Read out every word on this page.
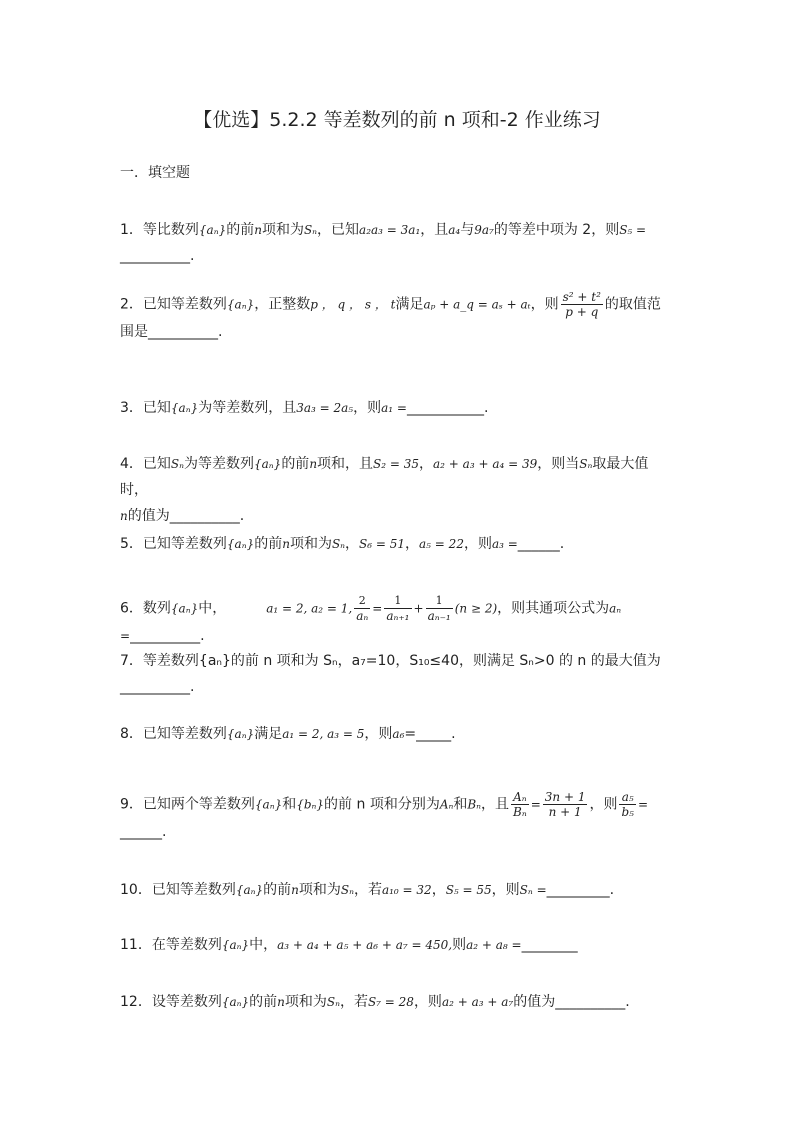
【优选】5.2.2 等差数列的前 n 项和-2 作业练习
一．填空题
1．等比数列{aₙ}的前n项和为Sₙ，已知a₂a₃ = 3a₁，且a₄与9a₇的等差中项为 2，则S₅ =
__________.
2．已知等差数列{aₙ}，正整数p ， q ， s ， t满足aₚ + a_q = aₛ + aₜ，则 $\frac{\text{s² + t²}}{p + q}$ 的取值范
围是__________.
3．已知{aₙ}为等差数列，且3a₃ = 2a₅，则a₁ =___________.
4．已知Sₙ为等差数列{aₙ}的前n项和，且S₂ = 35，a₂ + a₃ + a₄ = 39，则当Sₙ取最大值时，
n的值为__________.
5．已知等差数列{aₙ}的前n项和为Sₙ，S₆ = 51，a₅ = 22，则a₃ =______.
6．数列{aₙ}中，	a₁ = 2, a₂ = 1, $\frac{2}{\text{aₙ}} = \frac{1}{\text{aₙ₊₁}} + \frac{1}{\text{aₙ₋₁}} (n \ge 2)$，则其通项公式为aₙ =__________.
7．等差数列{aₙ}的前 n 项和为 Sₙ，a₇=10，S₁₀≤40，则满足 Sₙ>0 的 n 的最大值为
__________.
8．已知等差数列{aₙ}满足a₁ = 2, a₃ = 5，则a₆=_____.
9．已知两个等差数列{aₙ}和{bₙ}的前 n 项和分别为Aₙ和Bₙ，且 $\frac{\text{Aₙ}}{\text{Bₙ}} = \frac{3n + 1}{n + 1}$ ，则 $\frac{\text{a₅}}{\text{b₅}}$ =
______.
10．已知等差数列{aₙ}的前n项和为Sₙ，若a₁₀ = 32，S₅ = 55，则Sₙ =_________.
11．在等差数列{aₙ}中，a₃ + a₄ + a₅ + a₆ + a₇ = 450,则a₂ + a₈ =________
12．设等差数列{aₙ}的前n项和为Sₙ，若S₇ = 28，则a₂ + a₃ + a₇的值为__________.
